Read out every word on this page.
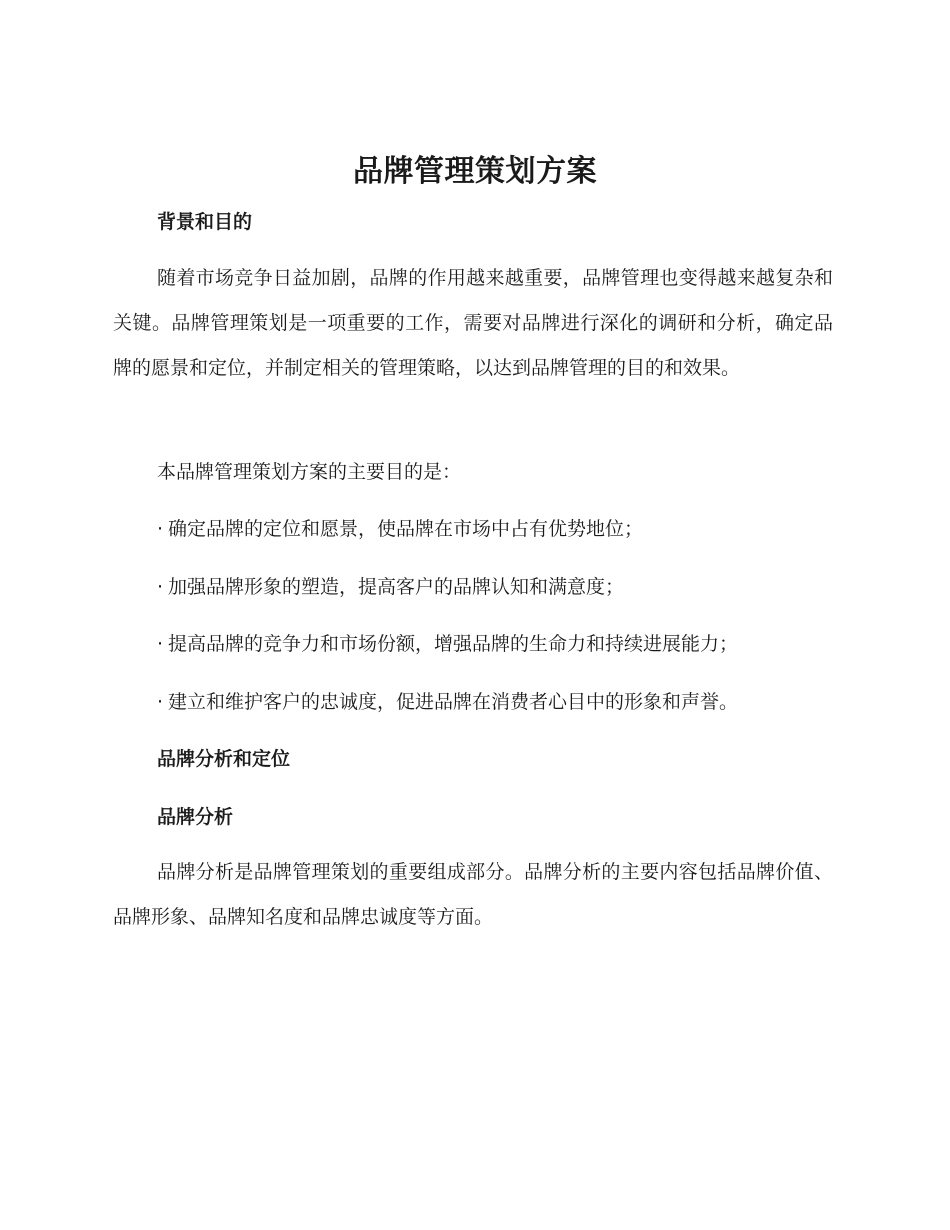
品牌管理策划方案
背景和目的

随着市场竞争日益加剧，品牌的作用越来越重要，品牌管理也变得越来越复杂和关键。品牌管理策划是一项重要的工作，需要对品牌进行深化的调研和分析，确定品牌的愿景和定位，并制定相关的管理策略，以达到品牌管理的目的和效果。

本品牌管理策划方案的主要目的是：

· 确定品牌的定位和愿景，使品牌在市场中占有优势地位；

· 加强品牌形象的塑造，提高客户的品牌认知和满意度；

· 提高品牌的竞争力和市场份额，增强品牌的生命力和持续进展能力；

· 建立和维护客户的忠诚度，促进品牌在消费者心目中的形象和声誉。

品牌分析和定位
品牌分析

品牌分析是品牌管理策划的重要组成部分。品牌分析的主要内容包括品牌价值、品牌形象、品牌知名度和品牌忠诚度等方面。
